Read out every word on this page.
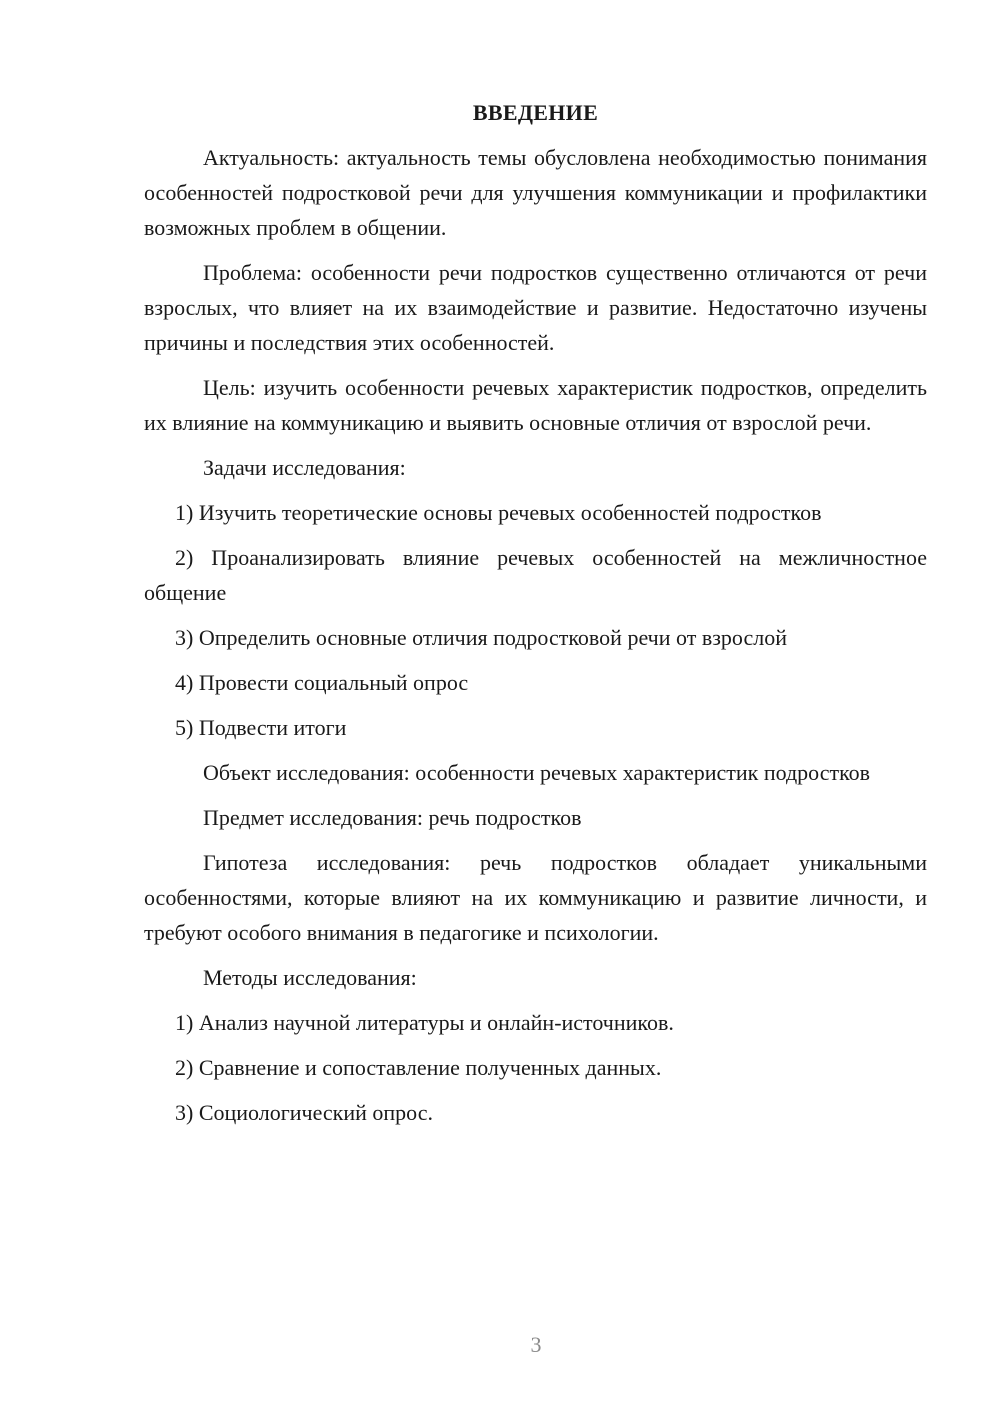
ВВЕДЕНИЕ

Актуальность: актуальность темы обусловлена необходимостью понимания особенностей подростковой речи для улучшения коммуникации и профилактики возможных проблем в общении.

Проблема: особенности речи подростков существенно отличаются от речи взрослых, что влияет на их взаимодействие и развитие. Недостаточно изучены причины и последствия этих особенностей.

Цель: изучить особенности речевых характеристик подростков, определить их влияние на коммуникацию и выявить основные отличия от взрослой речи.

Задачи исследования:

1) Изучить теоретические основы речевых особенностей подростков

2) Проанализировать влияние речевых особенностей на межличностное общение

3) Определить основные отличия подростковой речи от взрослой

4) Провести социальный опрос

5) Подвести итоги

Объект исследования: особенности речевых характеристик подростков

Предмет исследования: речь подростков

Гипотеза исследования: речь подростков обладает уникальными особенностями, которые влияют на их коммуникацию и развитие личности, и требуют особого внимания в педагогике и психологии.

Методы исследования:

1) Анализ научной литературы и онлайн-источников.

2) Сравнение и сопоставление полученных данных.

3) Социологический опрос.

3
